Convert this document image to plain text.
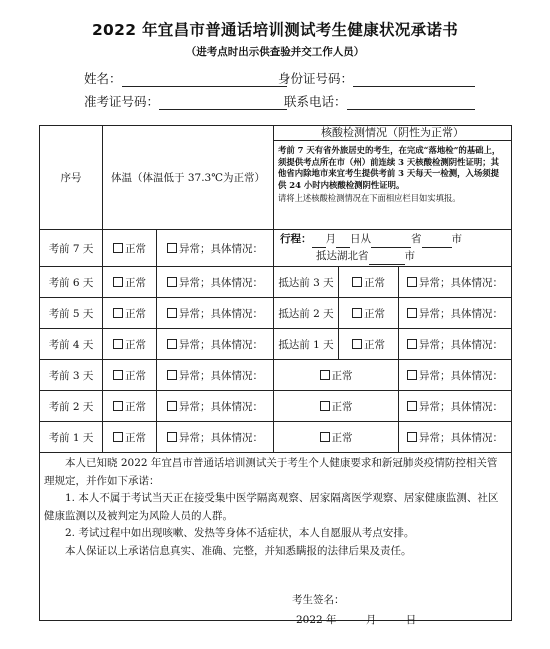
2022 年宜昌市普通话培训测试考生健康状况承诺书
（进考点时出示供查验并交工作人员）
姓名：	身份证号码：
准考证号码：	联系电话：
序号	体温（体温低于 37.3℃为正常）		核酸检测情况（阴性为正常）
考前 7 天有省外旅居史的考生，在完成“落地检”的基础上，须提供考点所在市（州）前连续 3 天核酸检测阴性证明；其他省内除地市来宜考生提供考前 3 天每天一检测，入场须提供 24 小时内核酸检测阴性证明。
请将上述核酸检测情况在下面相应栏目如实填报。		

考前 7 天	正常	异常；具体情况：	行程： 月 日从 省 市
抵达湖北省 市		
考前 6 天	正常	异常；具体情况：	抵达前 3 天	正常	异常；具体情况：
考前 5 天	正常	异常；具体情况：	抵达前 2 天	正常	异常；具体情况：
考前 4 天	正常	异常；具体情况：	抵达前 1 天	正常	异常；具体情况：
考前 3 天	正常	异常；具体情况：	正常		异常；具体情况：
考前 2 天	正常	异常；具体情况：	正常		异常；具体情况：
考前 1 天	正常	异常；具体情况：	正常		异常；具体情况：

本人已知晓 2022 年宜昌市普通话培训测试关于考生个人健康要求和新冠肺炎疫情防控相关管理规定，并作如下承诺：

1. 本人不属于考试当天正在接受集中医学隔离观察、居家隔离医学观察、居家健康监测、社区健康监测以及被判定为风险人员的人群。

2. 考试过程中如出现咳嗽、发热等身体不适症状，本人自愿服从考点安排。

本人保证以上承诺信息真实、准确、完整，并知悉瞒报的法律后果及责任。					

考生签名：
2022 年	月	日
